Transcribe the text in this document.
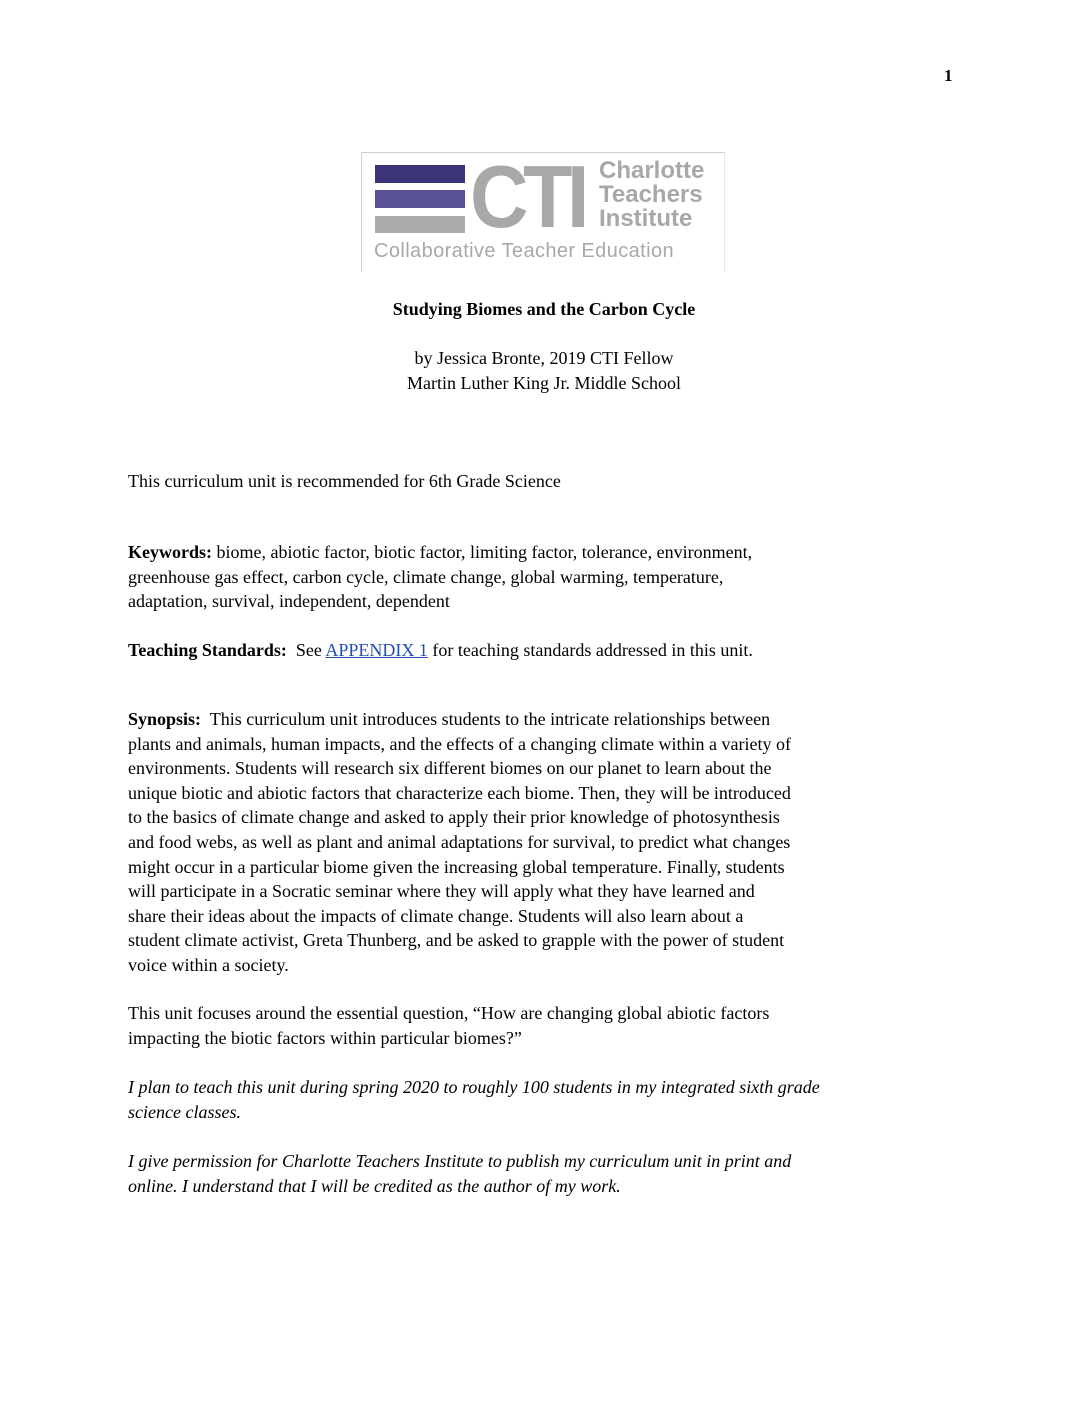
1
CTI Charlotte
Teachers
Institute
Collaborative Teacher Education
Studying Biomes and the Carbon Cycle
by Jessica Bronte, 2019 CTI Fellow
Martin Luther King Jr. Middle School
This curriculum unit is recommended for 6th Grade Science
Keywords: biome, abiotic factor, biotic factor, limiting factor, tolerance, environment,
greenhouse gas effect, carbon cycle, climate change, global warming, temperature,
adaptation, survival, independent, dependent
Teaching Standards:  See APPENDIX 1 for teaching standards addressed in this unit.
Synopsis:  This curriculum unit introduces students to the intricate relationships between
plants and animals, human impacts, and the effects of a changing climate within a variety of
environments. Students will research six different biomes on our planet to learn about the
unique biotic and abiotic factors that characterize each biome. Then, they will be introduced
to the basics of climate change and asked to apply their prior knowledge of photosynthesis
and food webs, as well as plant and animal adaptations for survival, to predict what changes
might occur in a particular biome given the increasing global temperature. Finally, students
will participate in a Socratic seminar where they will apply what they have learned and
share their ideas about the impacts of climate change. Students will also learn about a
student climate activist, Greta Thunberg, and be asked to grapple with the power of student
voice within a society.
This unit focuses around the essential question, “How are changing global abiotic factors
impacting the biotic factors within particular biomes?”
I plan to teach this unit during spring 2020 to roughly 100 students in my integrated sixth grade
science classes.
I give permission for Charlotte Teachers Institute to publish my curriculum unit in print and
online. I understand that I will be credited as the author of my work.
